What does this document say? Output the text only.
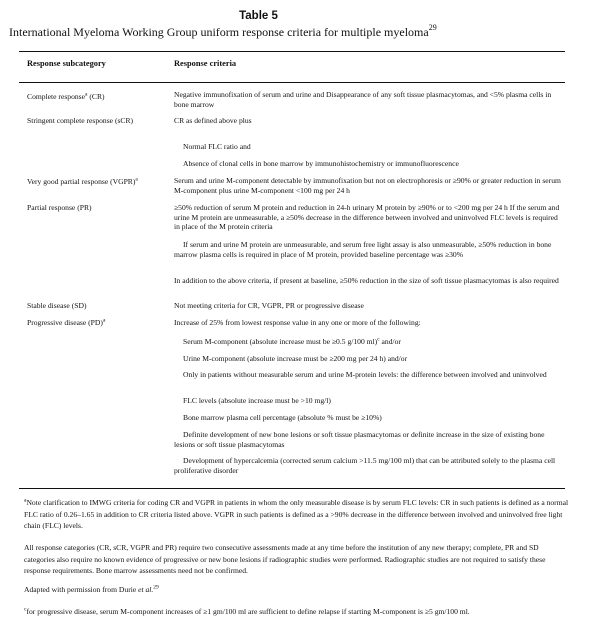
Table 5
International Myeloma Working Group uniform response criteria for multiple myeloma$^{29}$
Response subcategory	Response criteria
Complete response$^a$ (CR)	Negative immunofixation of serum and urine and Disappearance of any soft tissue plasmacytomas, and <5% plasma cells in bone marrow
Stringent complete response (sCR)	CR as defined above plus
Normal FLC ratio and
Absence of clonal cells in bone marrow by immunohistochemistry or immunofluorescence
Very good partial response (VGPR)$^a$	Serum and urine M-component detectable by immunofixation but not on electrophoresis or ≥90% or greater reduction in serum M-component plus urine M-component <100 mg per 24 h
Partial response (PR)	≥50% reduction of serum M protein and reduction in 24-h urinary M protein by ≥90% or to <200 mg per 24 h If the serum and urine M protein are unmeasurable, a ≥50% decrease in the difference between involved and uninvolved FLC levels is required in place of the M protein criteria
If serum and urine M protein are unmeasurable, and serum free light assay is also unmeasurable, ≥50% reduction in bone marrow plasma cells is required in place of M protein, provided baseline percentage was ≥30%
In addition to the above criteria, if present at baseline, ≥50% reduction in the size of soft tissue plasmacytomas is also required
Stable disease (SD)	Not meeting criteria for CR, VGPR, PR or progressive disease
Progressive disease (PD)$^a$	Increase of 25% from lowest response value in any one or more of the following:
Serum M-component (absolute increase must be ≥0.5 g/100 ml)$^c$ and/or
Urine M-component (absolute increase must be ≥200 mg per 24 h) and/or
Only in patients without measurable serum and urine M-protein levels: the difference between involved and uninvolved
FLC levels (absolute increase must be >10 mg/l)
Bone marrow plasma cell percentage (absolute % must be ≥10%)
Definite development of new bone lesions or soft tissue plasmacytomas or definite increase in the size of existing bone lesions or soft tissue plasmacytomas
Development of hypercalcemia (corrected serum calcium >11.5 mg/100 ml) that can be attributed solely to the plasma cell proliferative disorder
$^a$Note clarification to IMWG criteria for coding CR and VGPR in patients in whom the only measurable disease is by serum FLC levels: CR in such patients is defined as a normal FLC ratio of 0.26–1.65 in addition to CR criteria listed above. VGPR in such patients is defined as a >90% decrease in the difference between involved and uninvolved free light chain (FLC) levels.
All response categories (CR, sCR, VGPR and PR) require two consecutive assessments made at any time before the institution of any new therapy; complete, PR and SD categories also require no known evidence of progressive or new bone lesions if radiographic studies were performed. Radiographic studies are not required to satisfy these response requirements. Bone marrow assessments need not be confirmed.
Adapted with permission from Durie et al.$^{29}$
$^c$for progressive disease, serum M-component increases of ≥1 gm/100 ml are sufficient to define relapse if starting M-component is ≥5 gm/100 ml.
